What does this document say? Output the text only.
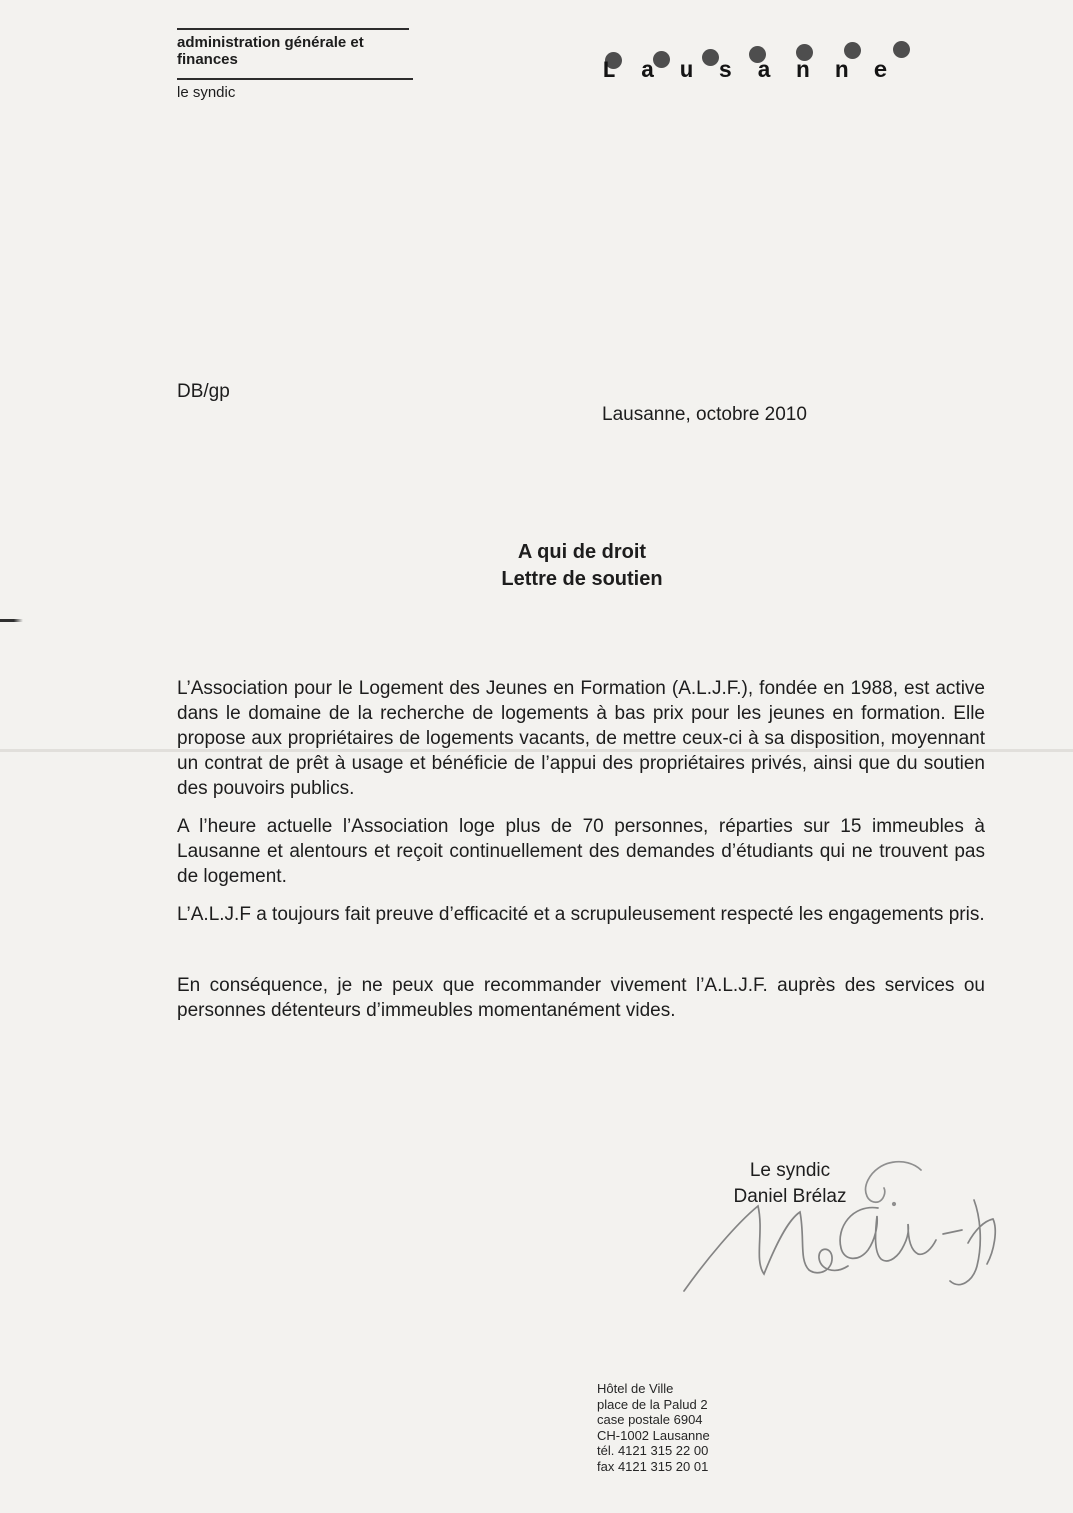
administration générale et
finances
le syndic
Lausanne
DB/gp
Lausanne, octobre 2010
A qui de droit
Lettre de soutien

L’Association pour le Logement des Jeunes en Formation (A.L.J.F.), fondée en 1988, est active dans le domaine de la recherche de logements à bas prix pour les jeunes en formation. Elle propose aux propriétaires de logements vacants, de mettre ceux-ci à sa disposition, moyennant un contrat de prêt à usage et bénéficie de l’appui des propriétaires privés, ainsi que du soutien des pouvoirs publics.

A l’heure actuelle l’Association loge plus de 70 personnes, réparties sur 15 immeubles à Lausanne et alentours et reçoit continuellement des demandes d’étudiants qui ne trouvent pas de logement.

L’A.L.J.F a toujours fait preuve d’efficacité et a scrupuleusement respecté les engagements pris.

En conséquence, je ne peux que recommander vivement l’A.L.J.F. auprès des services ou personnes détenteurs d’immeubles momentanément vides.

Le syndic
Daniel Brélaz
Hôtel de Ville
place de la Palud 2
case postale 6904
CH-1002 Lausanne
tél. 4121 315 22 00
fax 4121 315 20 01
